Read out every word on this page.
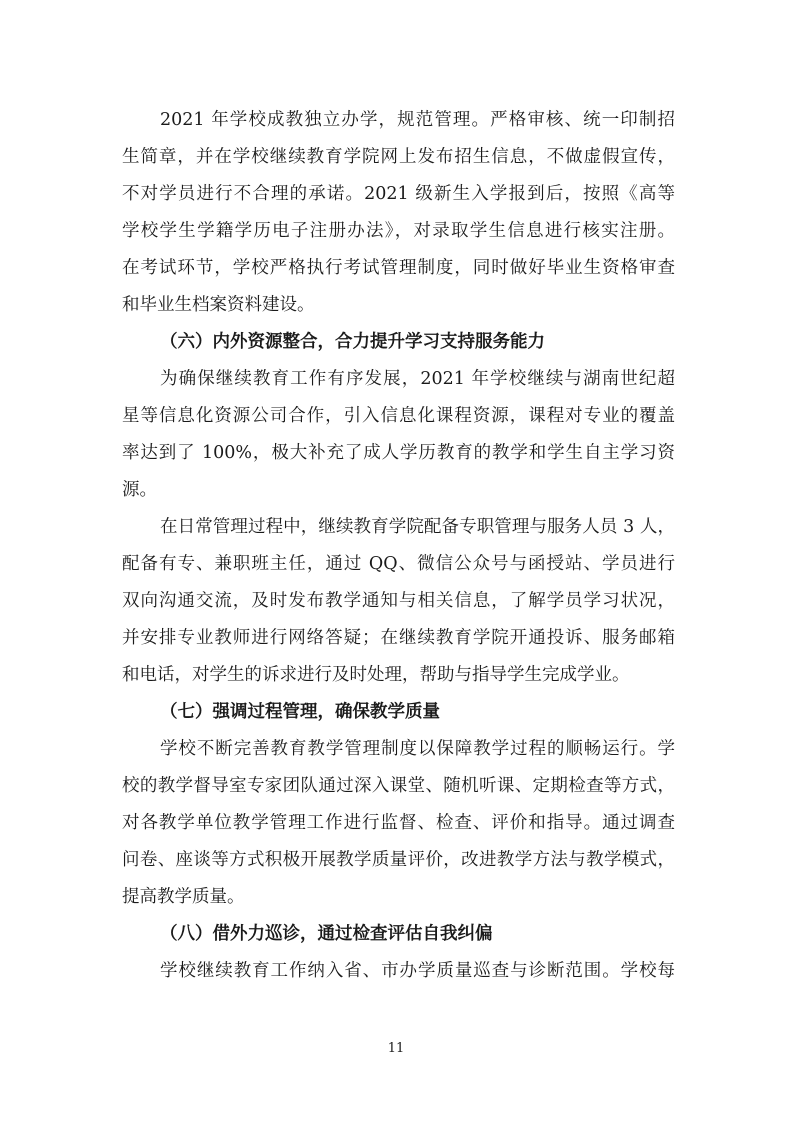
2021 年学校成教独立办学，规范管理。严格审核、统一印制招
生简章，并在学校继续教育学院网上发布招生信息，不做虚假宣传，
不对学员进行不合理的承诺。2021 级新生入学报到后，按照《高等
学校学生学籍学历电子注册办法》，对录取学生信息进行核实注册。
在考试环节，学校严格执行考试管理制度，同时做好毕业生资格审查
和毕业生档案资料建设。
（六）内外资源整合，合力提升学习支持服务能力
为确保继续教育工作有序发展，2021 年学校继续与湖南世纪超
星等信息化资源公司合作，引入信息化课程资源，课程对专业的覆盖
率达到了 100%，极大补充了成人学历教育的教学和学生自主学习资
源。
在日常管理过程中，继续教育学院配备专职管理与服务人员 3 人，
配备有专、兼职班主任，通过 QQ、微信公众号与函授站、学员进行
双向沟通交流，及时发布教学通知与相关信息，了解学员学习状况，
并安排专业教师进行网络答疑；在继续教育学院开通投诉、服务邮箱
和电话，对学生的诉求进行及时处理，帮助与指导学生完成学业。
（七）强调过程管理，确保教学质量
学校不断完善教育教学管理制度以保障教学过程的顺畅运行。学
校的教学督导室专家团队通过深入课堂、随机听课、定期检查等方式，
对各教学单位教学管理工作进行监督、检查、评价和指导。通过调查
问卷、座谈等方式积极开展教学质量评价，改进教学方法与教学模式，
提高教学质量。
（八）借外力巡诊，通过检查评估自我纠偏
学校继续教育工作纳入省、市办学质量巡查与诊断范围。学校每
11
